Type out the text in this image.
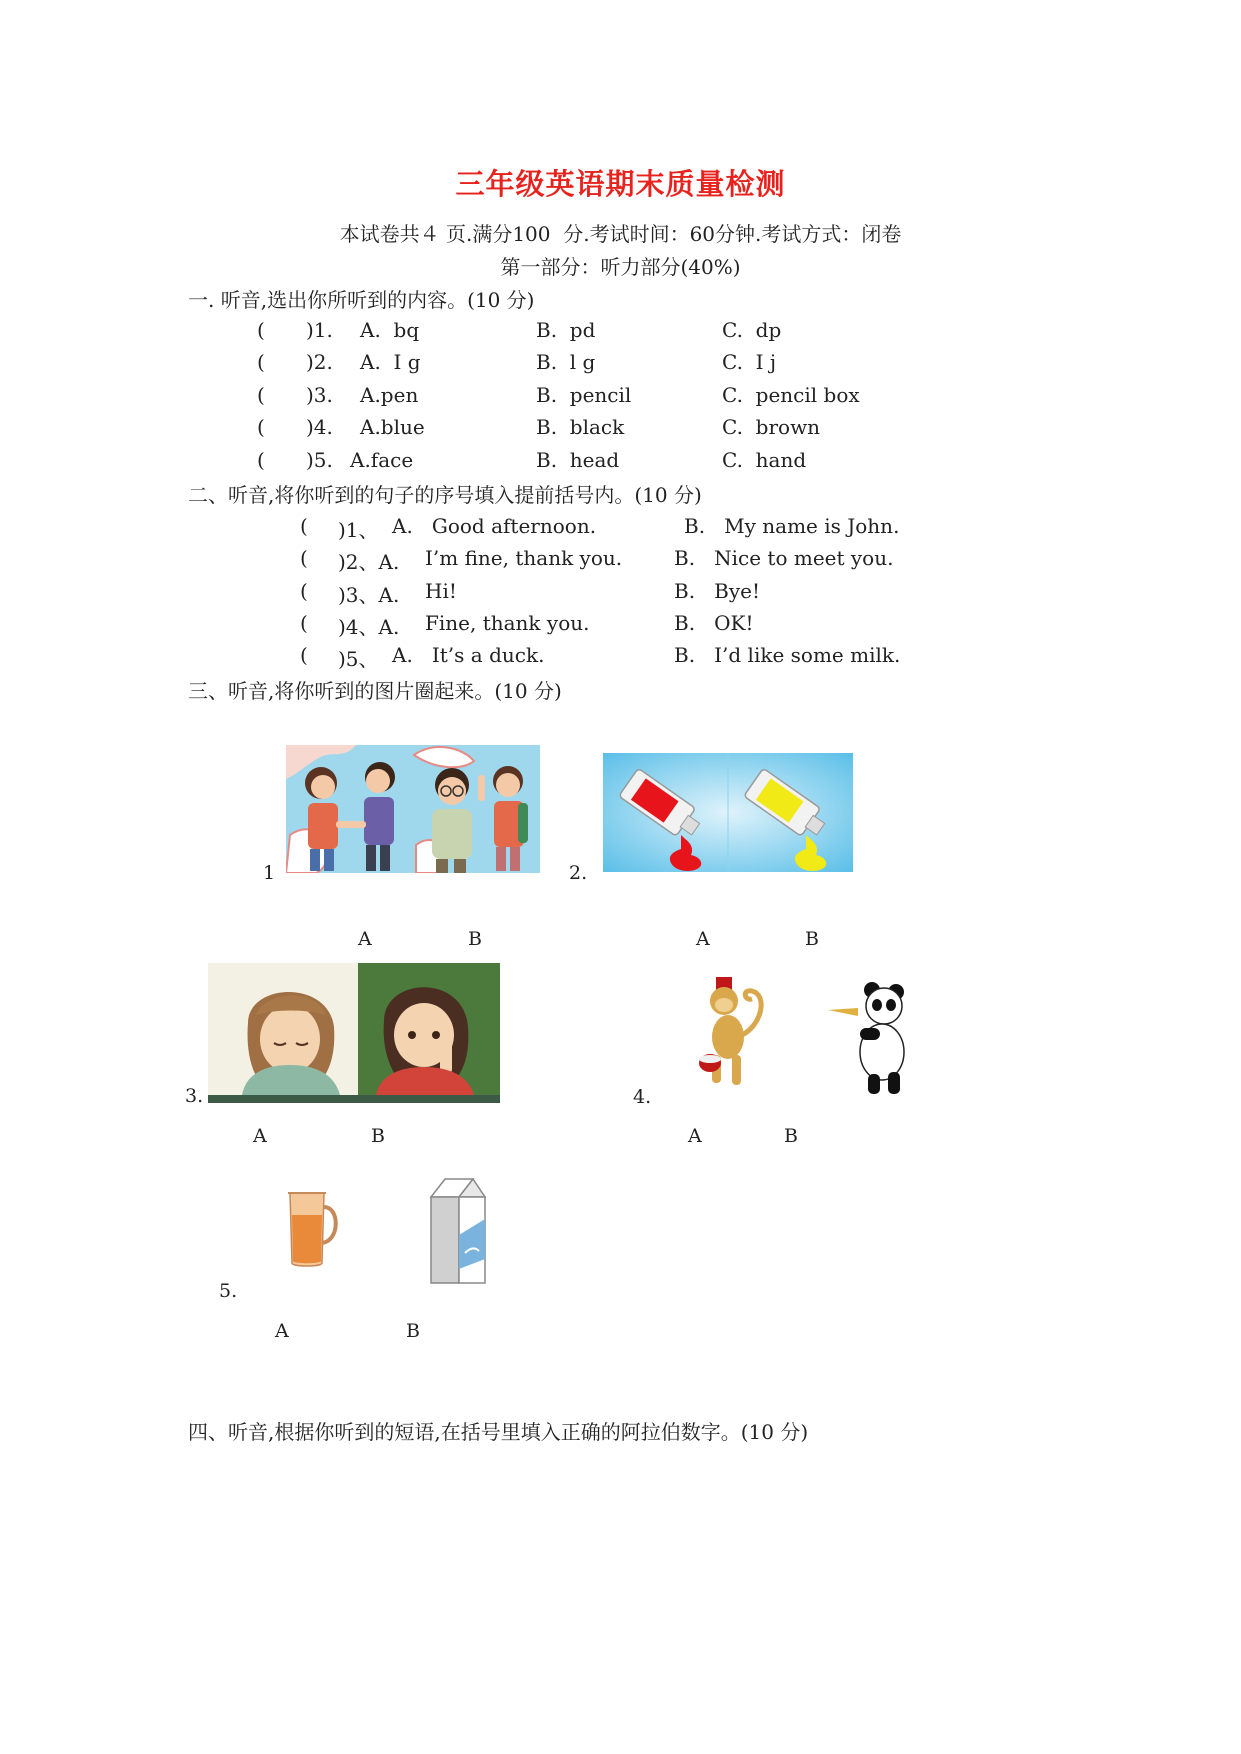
三年级英语期末质量检测
本试卷共４ 页.满分100  分.考试时间：60分钟.考试方式：闭卷
第一部分：听力部分(40%)
一. 听音,选出你所听到的内容。(10 分)
( )1. A.  bq	B.  pd	C.  dp
( )2. A.  I g	B.  l g	C.  I j
( )3. A.pen	B.  pencil	C.  pencil box
( )4. A.blue	B.  black	C.  brown
( )5. A.face	B.  head	C.  hand
二、听音,将你听到的句子的序号填入提前括号内。(10 分)
( )1、 A.   Good afternoon.	B.   My name is John.
( )2、A. I’m fine, thank you.	B.   Nice to meet you.
( )3、A. Hi!	B.   Bye!
( )4、A. Fine, thank you.	B.   OK!
( )5、 A.   It’s a duck.	B.   I’d like some milk.
三、听音,将你听到的图片圈起来。(10 分)
1
A	B
2.
A	B
3.
A	B
4.
A	B
5.
A	B
四、听音,根据你听到的短语,在括号里填入正确的阿拉伯数字。(10 分)
